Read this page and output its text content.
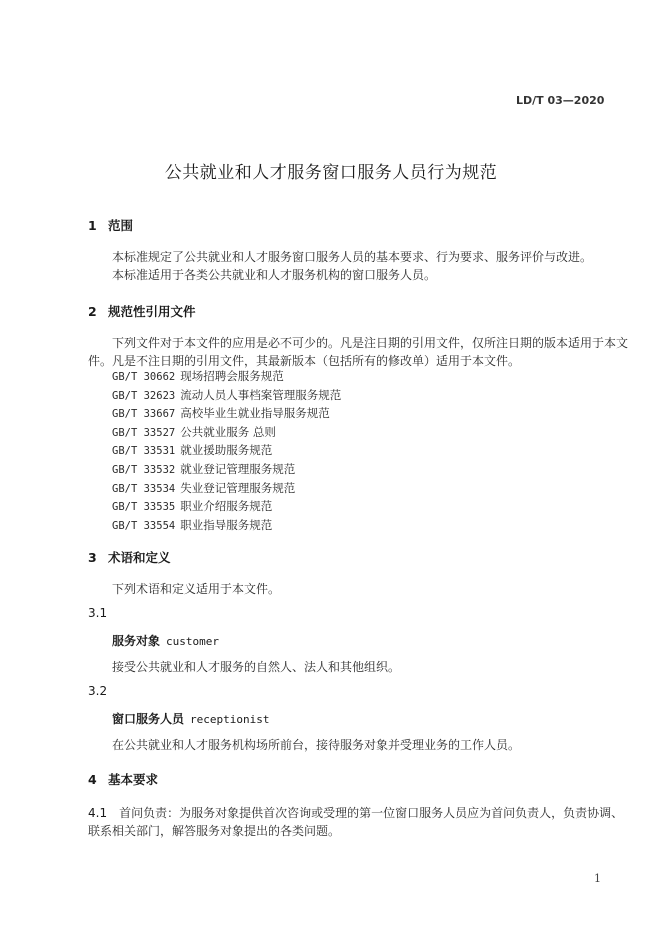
LD/T 03—2020
公共就业和人才服务窗口服务人员行为规范
1 范围
本标准规定了公共就业和人才服务窗口服务人员的基本要求、行为要求、服务评价与改进。
本标准适用于各类公共就业和人才服务机构的窗口服务人员。
2 规范性引用文件
下列文件对于本文件的应用是必不可少的。凡是注日期的引用文件，仅所注日期的版本适用于本文
件。凡是不注日期的引用文件，其最新版本（包括所有的修改单）适用于本文件。
GB/T 30662 现场招聘会服务规范
GB/T 32623 流动人员人事档案管理服务规范
GB/T 33667 高校毕业生就业指导服务规范
GB/T 33527 公共就业服务 总则
GB/T 33531 就业援助服务规范
GB/T 33532 就业登记管理服务规范
GB/T 33534 失业登记管理服务规范
GB/T 33535 职业介绍服务规范
GB/T 33554 职业指导服务规范
3 术语和定义
下列术语和定义适用于本文件。
3.1
服务对象 customer
接受公共就业和人才服务的自然人、法人和其他组织。
3.2
窗口服务人员 receptionist
在公共就业和人才服务机构场所前台，接待服务对象并受理业务的工作人员。
4 基本要求
4.1 首问负责：为服务对象提供首次咨询或受理的第一位窗口服务人员应为首问负责人，负责协调、
联系相关部门，解答服务对象提出的各类问题。
1
